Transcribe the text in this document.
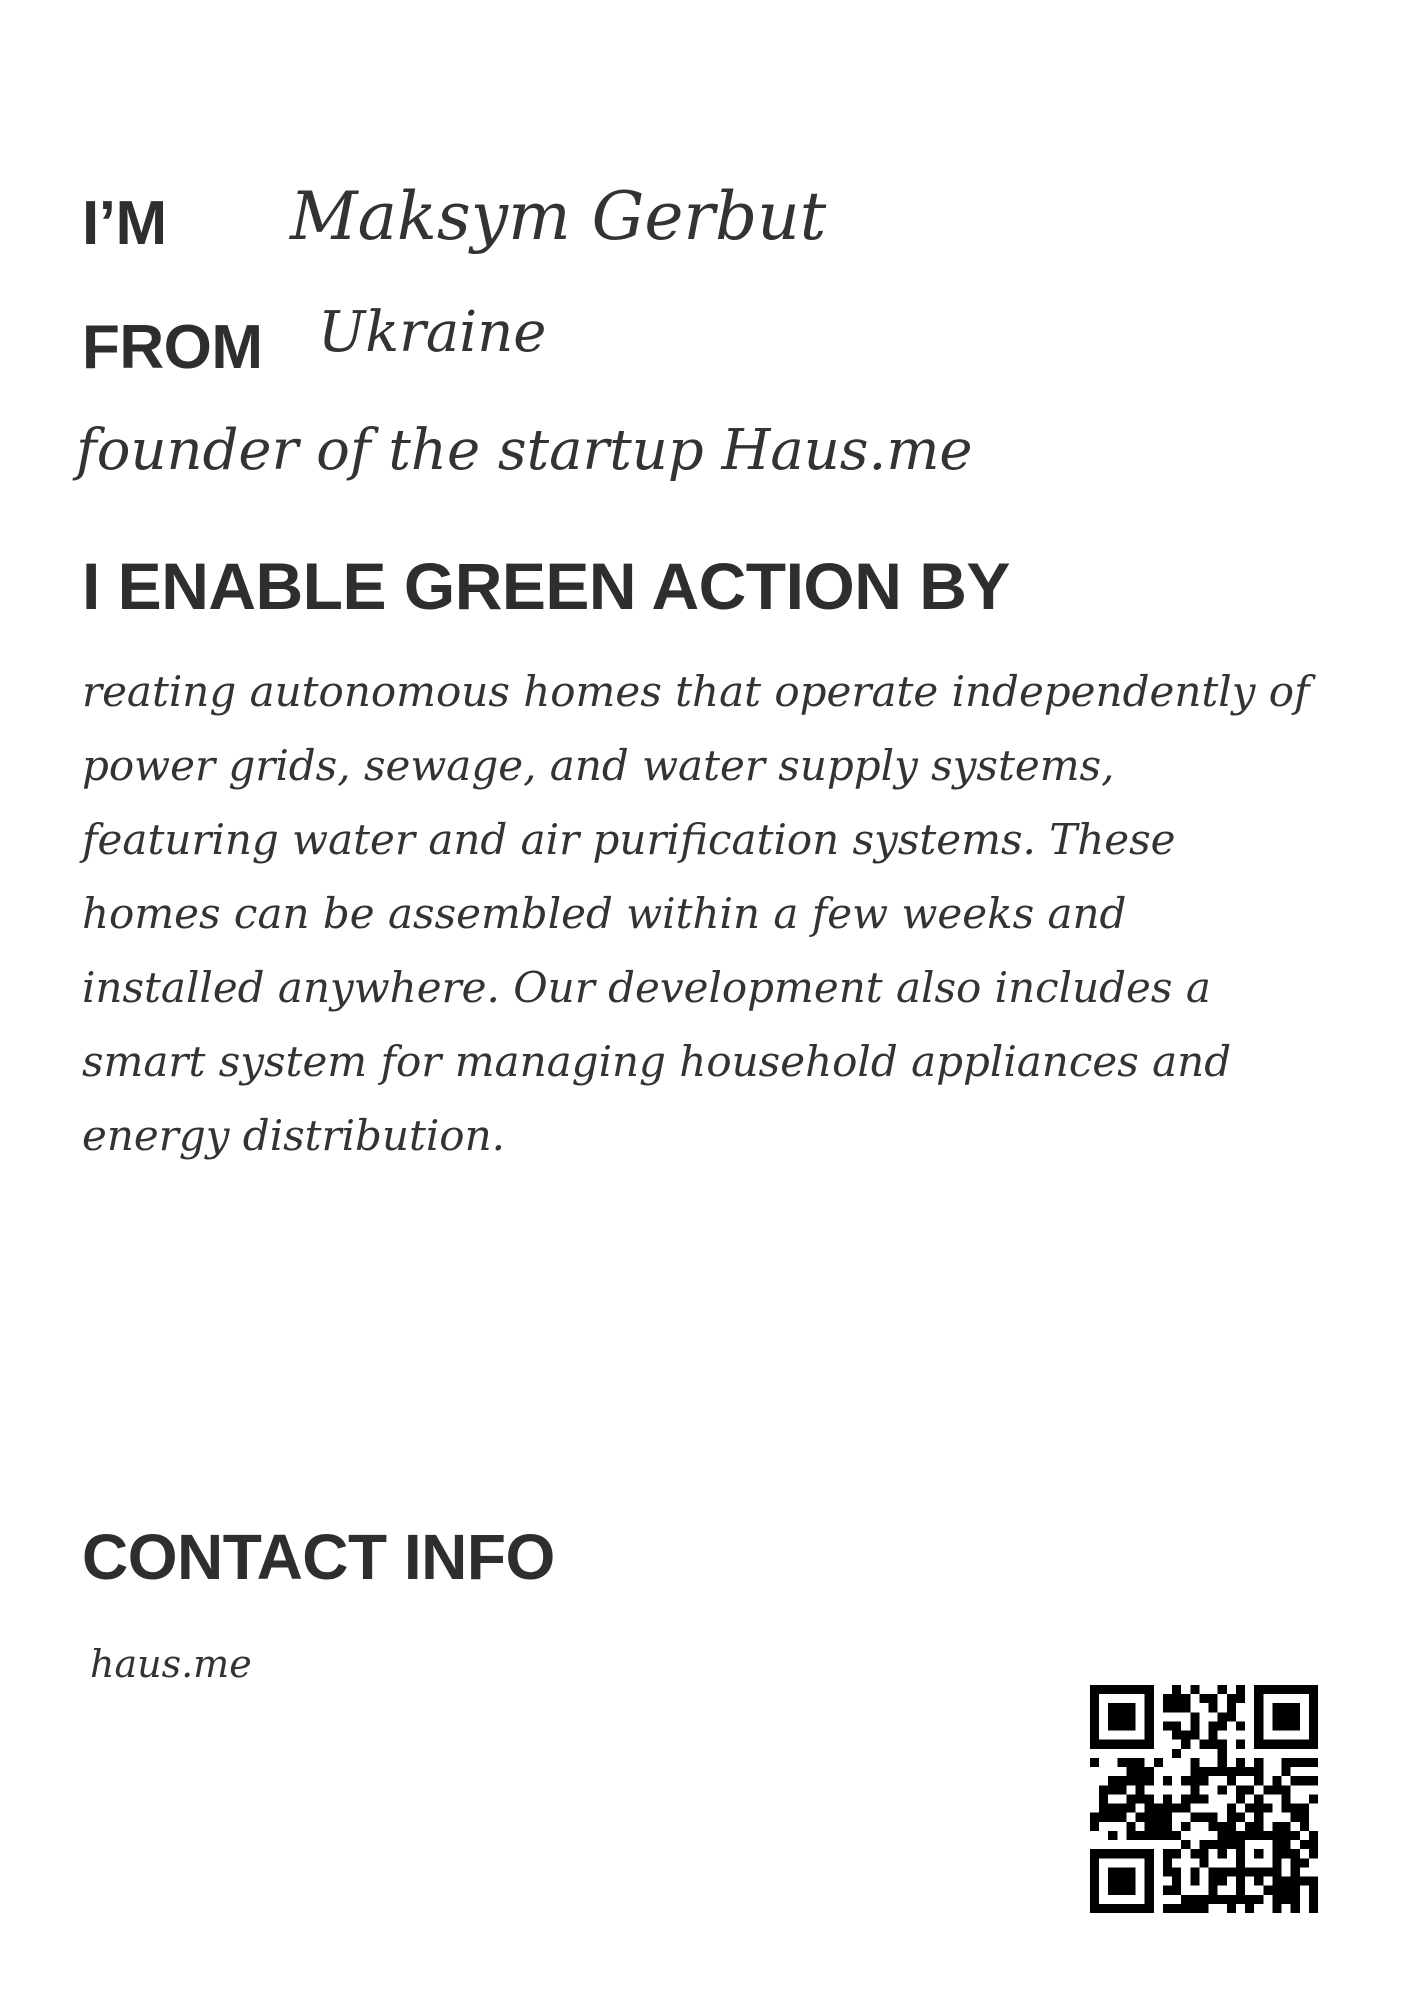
I’M Maksym Gerbut
FROM Ukraine
founder of the startup Haus.me
I ENABLE GREEN ACTION BY
reating autonomous homes that operate independently of power grids, sewage, and water supply systems, featuring water and air purification systems. These homes can be assembled within a few weeks and installed anywhere. Our development also includes a smart system for managing household appliances and energy distribution.
CONTACT INFO
haus.me
